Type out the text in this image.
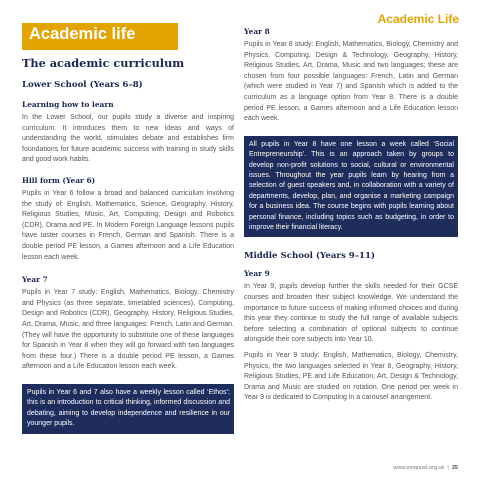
Academic Life
Academic life
The academic curriculum
Lower School (Years 6–8)
Learning how to learn

In the Lower School, our pupils study a diverse and inspiring curriculum. It introduces them to new ideas and ways of understanding the world, stimulates debate and establishes firm foundations for future academic success with training in study skills and good work habits.

Hill form (Year 6)

Pupils in Year 6 follow a broad and balanced curriculum involving the study of: English, Mathematics, Science, Geography, History, Religious Studies, Music, Art, Computing, Design and Robotics (CDR), Drama and PE. In Modern Foreign Language lessons pupils have taster courses in French, German and Spanish. There is a double period PE lesson, a Games afternoon and a Life Education lesson each week.

Year 7

Pupils in Year 7 study: English, Mathematics, Biology, Chemistry and Physics (as three separate, timetabled sciences), Computing, Design and Robotics (CDR), Geography, History, Religious Studies, Art, Drama, Music, and three languages: French, Latin and German. (They will have the opportunity to substitute one of these languages for Spanish in Year 8 when they will go forward with two languages from these four.) There is a double period PE lesson, a Games afternoon and a Life Education lesson each week.

Pupils in Year 6 and 7 also have a weekly lesson called ‘Ethos’; this is an introduction to critical thinking, informed discussion and debating, aiming to develop independence and resilience in our younger pupils.

Year 8

Pupils in Year 8 study: English, Mathematics, Biology, Chemistry and Physics, Computing, Design & Technology, Geography, History, Religious Studies, Art, Drama, Music and two languages; these are chosen from four possible languages: French, Latin and German (which were studied in Year 7) and Spanish which is added to the curriculum as a language option from Year 8. There is a double period PE lesson, a Games afternoon and a Life Education lesson each week.

All pupils in Year 8 have one lesson a week called ‘Social Entrepreneurship’. This is an approach taken by groups to develop non-profit solutions to social, cultural or environmental issues. Throughout the year pupils learn by hearing from a selection of guest speakers and, in collaboration with a variety of departments, develop, plan, and organise a marketing campaign for a business idea. The course begins with pupils learning about personal finance, including topics such as budgeting, in order to improve their financial literacy.

Middle School (Years 9–11)
Year 9

In Year 9, pupils develop further the skills needed for their GCSE courses and broaden their subject knowledge. We understand the importance to future success of making informed choices and during this year they continue to study the full range of available subjects before selecting a combination of optional subjects to continue alongside their core subjects into Year 10.

Pupils in Year 9 study: English, Mathematics, Biology, Chemistry, Physics, the two languages selected in Year 8, Geography, History, Religious Studies, PE and Life Education, Art, Design & Technology, Drama and Music are studied on rotation. One period per week in Year 9 is dedicated to Computing in a carousel arrangement.

www.emanuel.org.uk | 25
